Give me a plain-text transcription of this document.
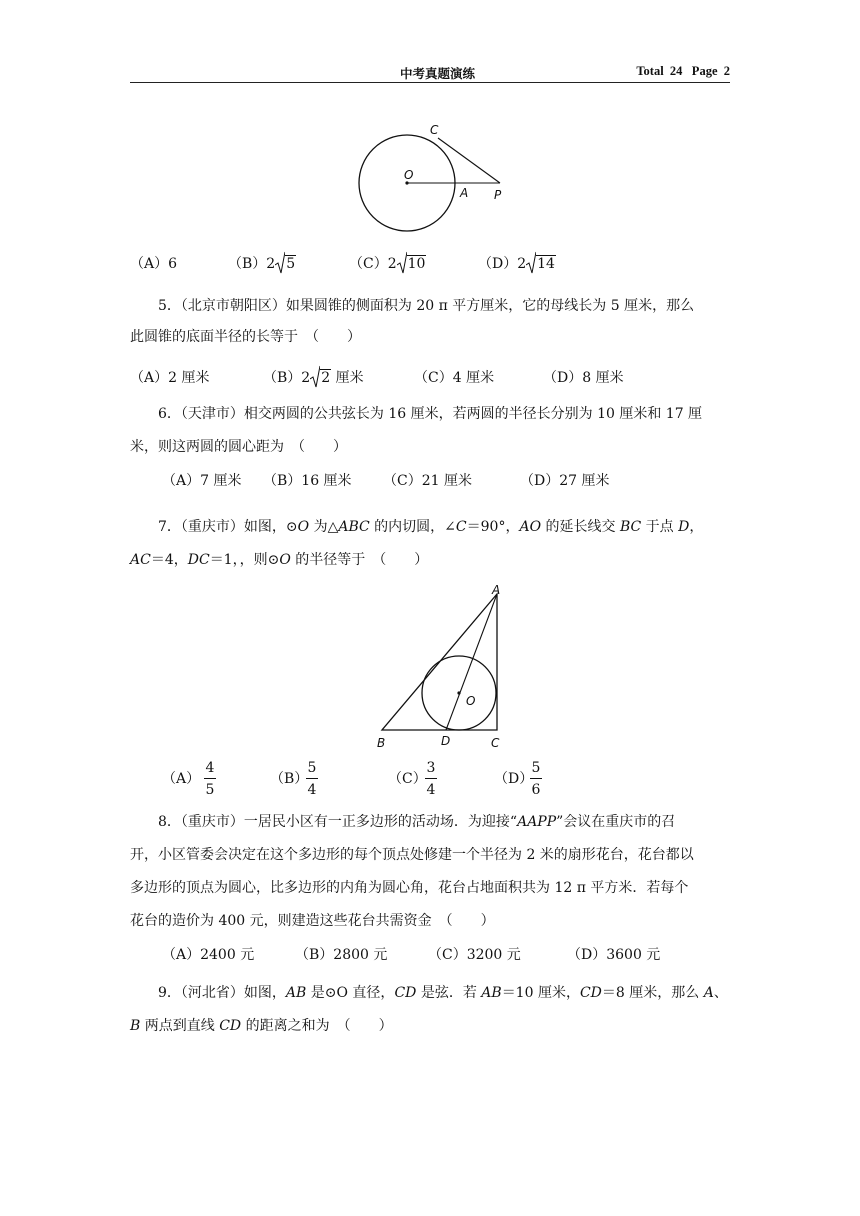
中考真题演练	Total  24   Page  2
C
O
A P
（A）6	（B）2 5	（C）2 10	（D）2 14
5．（北京市朝阳区）如果圆锥的侧面积为 20 π 平方厘米，它的母线长为 5 厘米，那么
此圆锥的底面半径的长等于　（　　）
（A）2 厘米	（B）2 2 厘米	（C）4 厘米	（D）8 厘米
6．（天津市）相交两圆的公共弦长为 16 厘米，若两圆的半径长分别为 10 厘米和 17 厘
米，则这两圆的圆心距为　（　　）
（A）7 厘米 （B）16 厘米 （C）21 厘米	（D）27 厘米
7．（重庆市）如图，⊙O 为△ABC 的内切圆，∠C＝90°，AO 的延长线交 BC 于点 D，
AC＝4，DC＝1，，则⊙O 的半径等于　（　　）
A
O
B	D	C
（A）
4
5
（B）
5
4
（C）
3
4
（D）
5
6
8．（重庆市）一居民小区有一正多边形的活动场．为迎接“AAPP”会议在重庆市的召
开，小区管委会决定在这个多边形的每个顶点处修建一个半径为 2 米的扇形花台，花台都以
多边形的顶点为圆心，比多边形的内角为圆心角，花台占地面积共为 12 π 平方米．若每个
花台的造价为 400 元，则建造这些花台共需资金　（　　）
（A）2400 元	（B）2800 元	（C）3200 元	（D）3600 元
9．（河北省）如图，AB 是⊙O 直径，CD 是弦．若 AB＝10 厘米，CD＝8 厘米，那么 A、
B 两点到直线 CD 的距离之和为　（　　）
